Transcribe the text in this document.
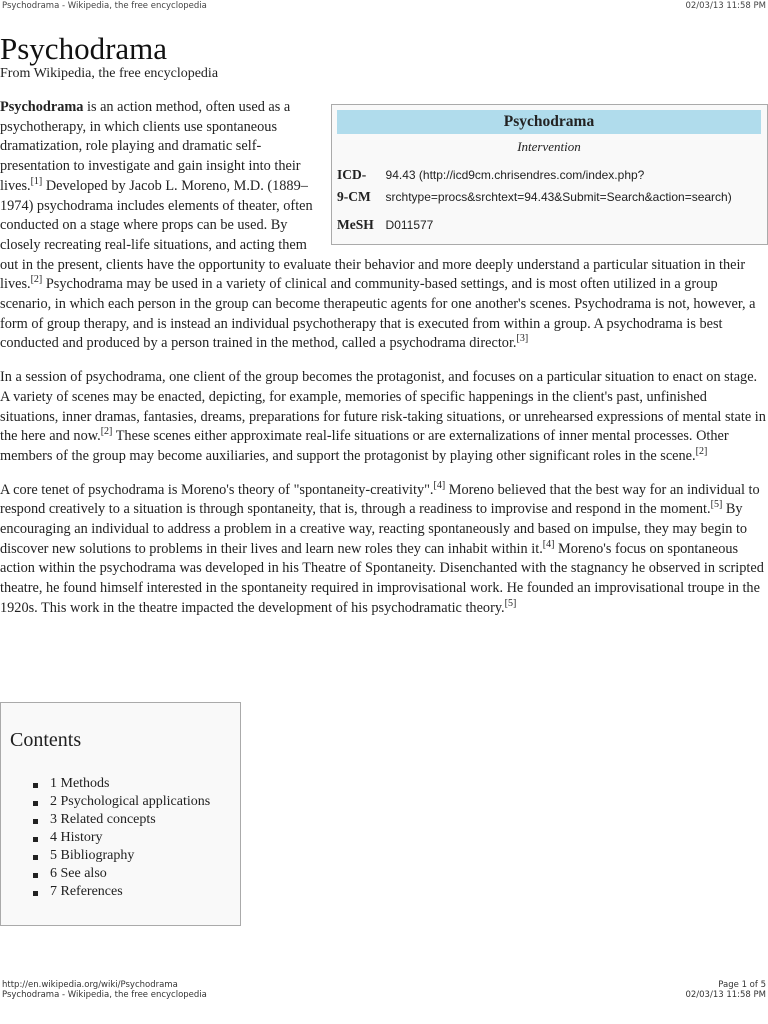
Psychodrama - Wikipedia, the free encyclopedia	02/03/13 11:58 PM
Psychodrama
From Wikipedia, the free encyclopedia
Psychodrama
Intervention
ICD-	94.43 (http://icd9cm.chrisendres.com/index.php?
9-CM	srchtype=procs&srchtext=94.43&Submit=Search&action=search)
MeSH	D011577

Psychodrama is an action method, often used as a psychotherapy, in which clients use spontaneous dramatization, role playing and dramatic self-presentation to investigate and gain insight into their lives.[1] Developed by Jacob L. Moreno, M.D. (1889–1974) psychodrama includes elements of theater, often conducted on a stage where props can be used. By closely recreating real-life situations, and acting them out in the present, clients have the opportunity to evaluate their behavior and more deeply understand a particular situation in their lives.[2] Psychodrama may be used in a variety of clinical and community-based settings, and is most often utilized in a group scenario, in which each person in the group can become therapeutic agents for one another's scenes. Psychodrama is not, however, a form of group therapy, and is instead an individual psychotherapy that is executed from within a group. A psychodrama is best conducted and produced by a person trained in the method, called a psychodrama director.[3]

In a session of psychodrama, one client of the group becomes the protagonist, and focuses on a particular situation to enact on stage. A variety of scenes may be enacted, depicting, for example, memories of specific happenings in the client's past, unfinished situations, inner dramas, fantasies, dreams, preparations for future risk-taking situations, or unrehearsed expressions of mental state in the here and now.[2] These scenes either approximate real-life situations or are externalizations of inner mental processes. Other members of the group may become auxiliaries, and support the protagonist by playing other significant roles in the scene.[2]

A core tenet of psychodrama is Moreno's theory of "spontaneity-creativity".[4] Moreno believed that the best way for an individual to respond creatively to a situation is through spontaneity, that is, through a readiness to improvise and respond in the moment.[5] By encouraging an individual to address a problem in a creative way, reacting spontaneously and based on impulse, they may begin to discover new solutions to problems in their lives and learn new roles they can inhabit within it.[4] Moreno's focus on spontaneous action within the psychodrama was developed in his Theatre of Spontaneity. Disenchanted with the stagnancy he observed in scripted theatre, he found himself interested in the spontaneity required in improvisational work. He founded an improvisational troupe in the 1920s. This work in the theatre impacted the development of his psychodramatic theory.[5]

Contents
1 Methods
2 Psychological applications
3 Related concepts
4 History
5 Bibliography
6 See also
7 References
http://en.wikipedia.org/wiki/Psychodrama
Psychodrama - Wikipedia, the free encyclopedia
Page 1 of 5
02/03/13 11:58 PM
